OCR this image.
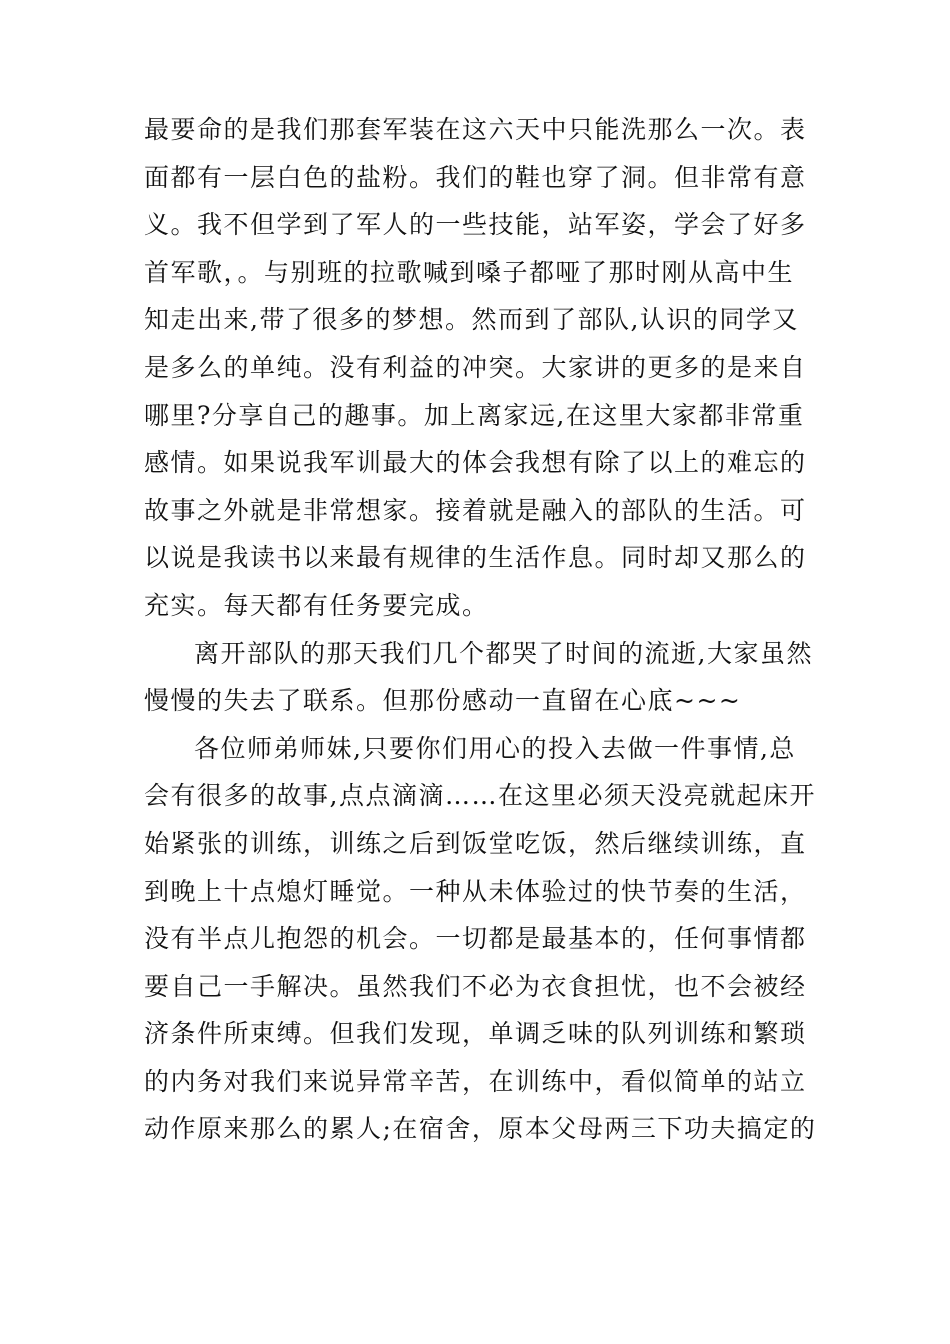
最要命的是我们那套军装在这六天中只能洗那么一次。表
面都有一层白色的盐粉。我们的鞋也穿了洞。但非常有意
义。我不但学到了军人的一些技能，站军姿，学会了好多
首军歌，。与别班的拉歌喊到嗓子都哑了那时刚从高中生
知走出来,带了很多的梦想。然而到了部队,认识的同学又
是多么的单纯。没有利益的冲突。大家讲的更多的是来自
哪里?分享自己的趣事。加上离家远,在这里大家都非常重
感情。如果说我军训最大的体会我想有除了以上的难忘的
故事之外就是非常想家。接着就是融入的部队的生活。可
以说是我读书以来最有规律的生活作息。同时却又那么的
充实。每天都有任务要完成。
离开部队的那天我们几个都哭了时间的流逝,大家虽然
慢慢的失去了联系。但那份感动一直留在心底~~~
各位师弟师妹,只要你们用心的投入去做一件事情,总
会有很多的故事,点点滴滴……在这里必须天没亮就起床开
始紧张的训练，训练之后到饭堂吃饭，然后继续训练，直
到晚上十点熄灯睡觉。一种从未体验过的快节奏的生活，
没有半点儿抱怨的机会。一切都是最基本的，任何事情都
要自己一手解决。虽然我们不必为衣食担忧，也不会被经
济条件所束缚。但我们发现，单调乏味的队列训练和繁琐
的内务对我们来说异常辛苦，在训练中，看似简单的站立
动作原来那么的累人;在宿舍，原本父母两三下功夫搞定的
